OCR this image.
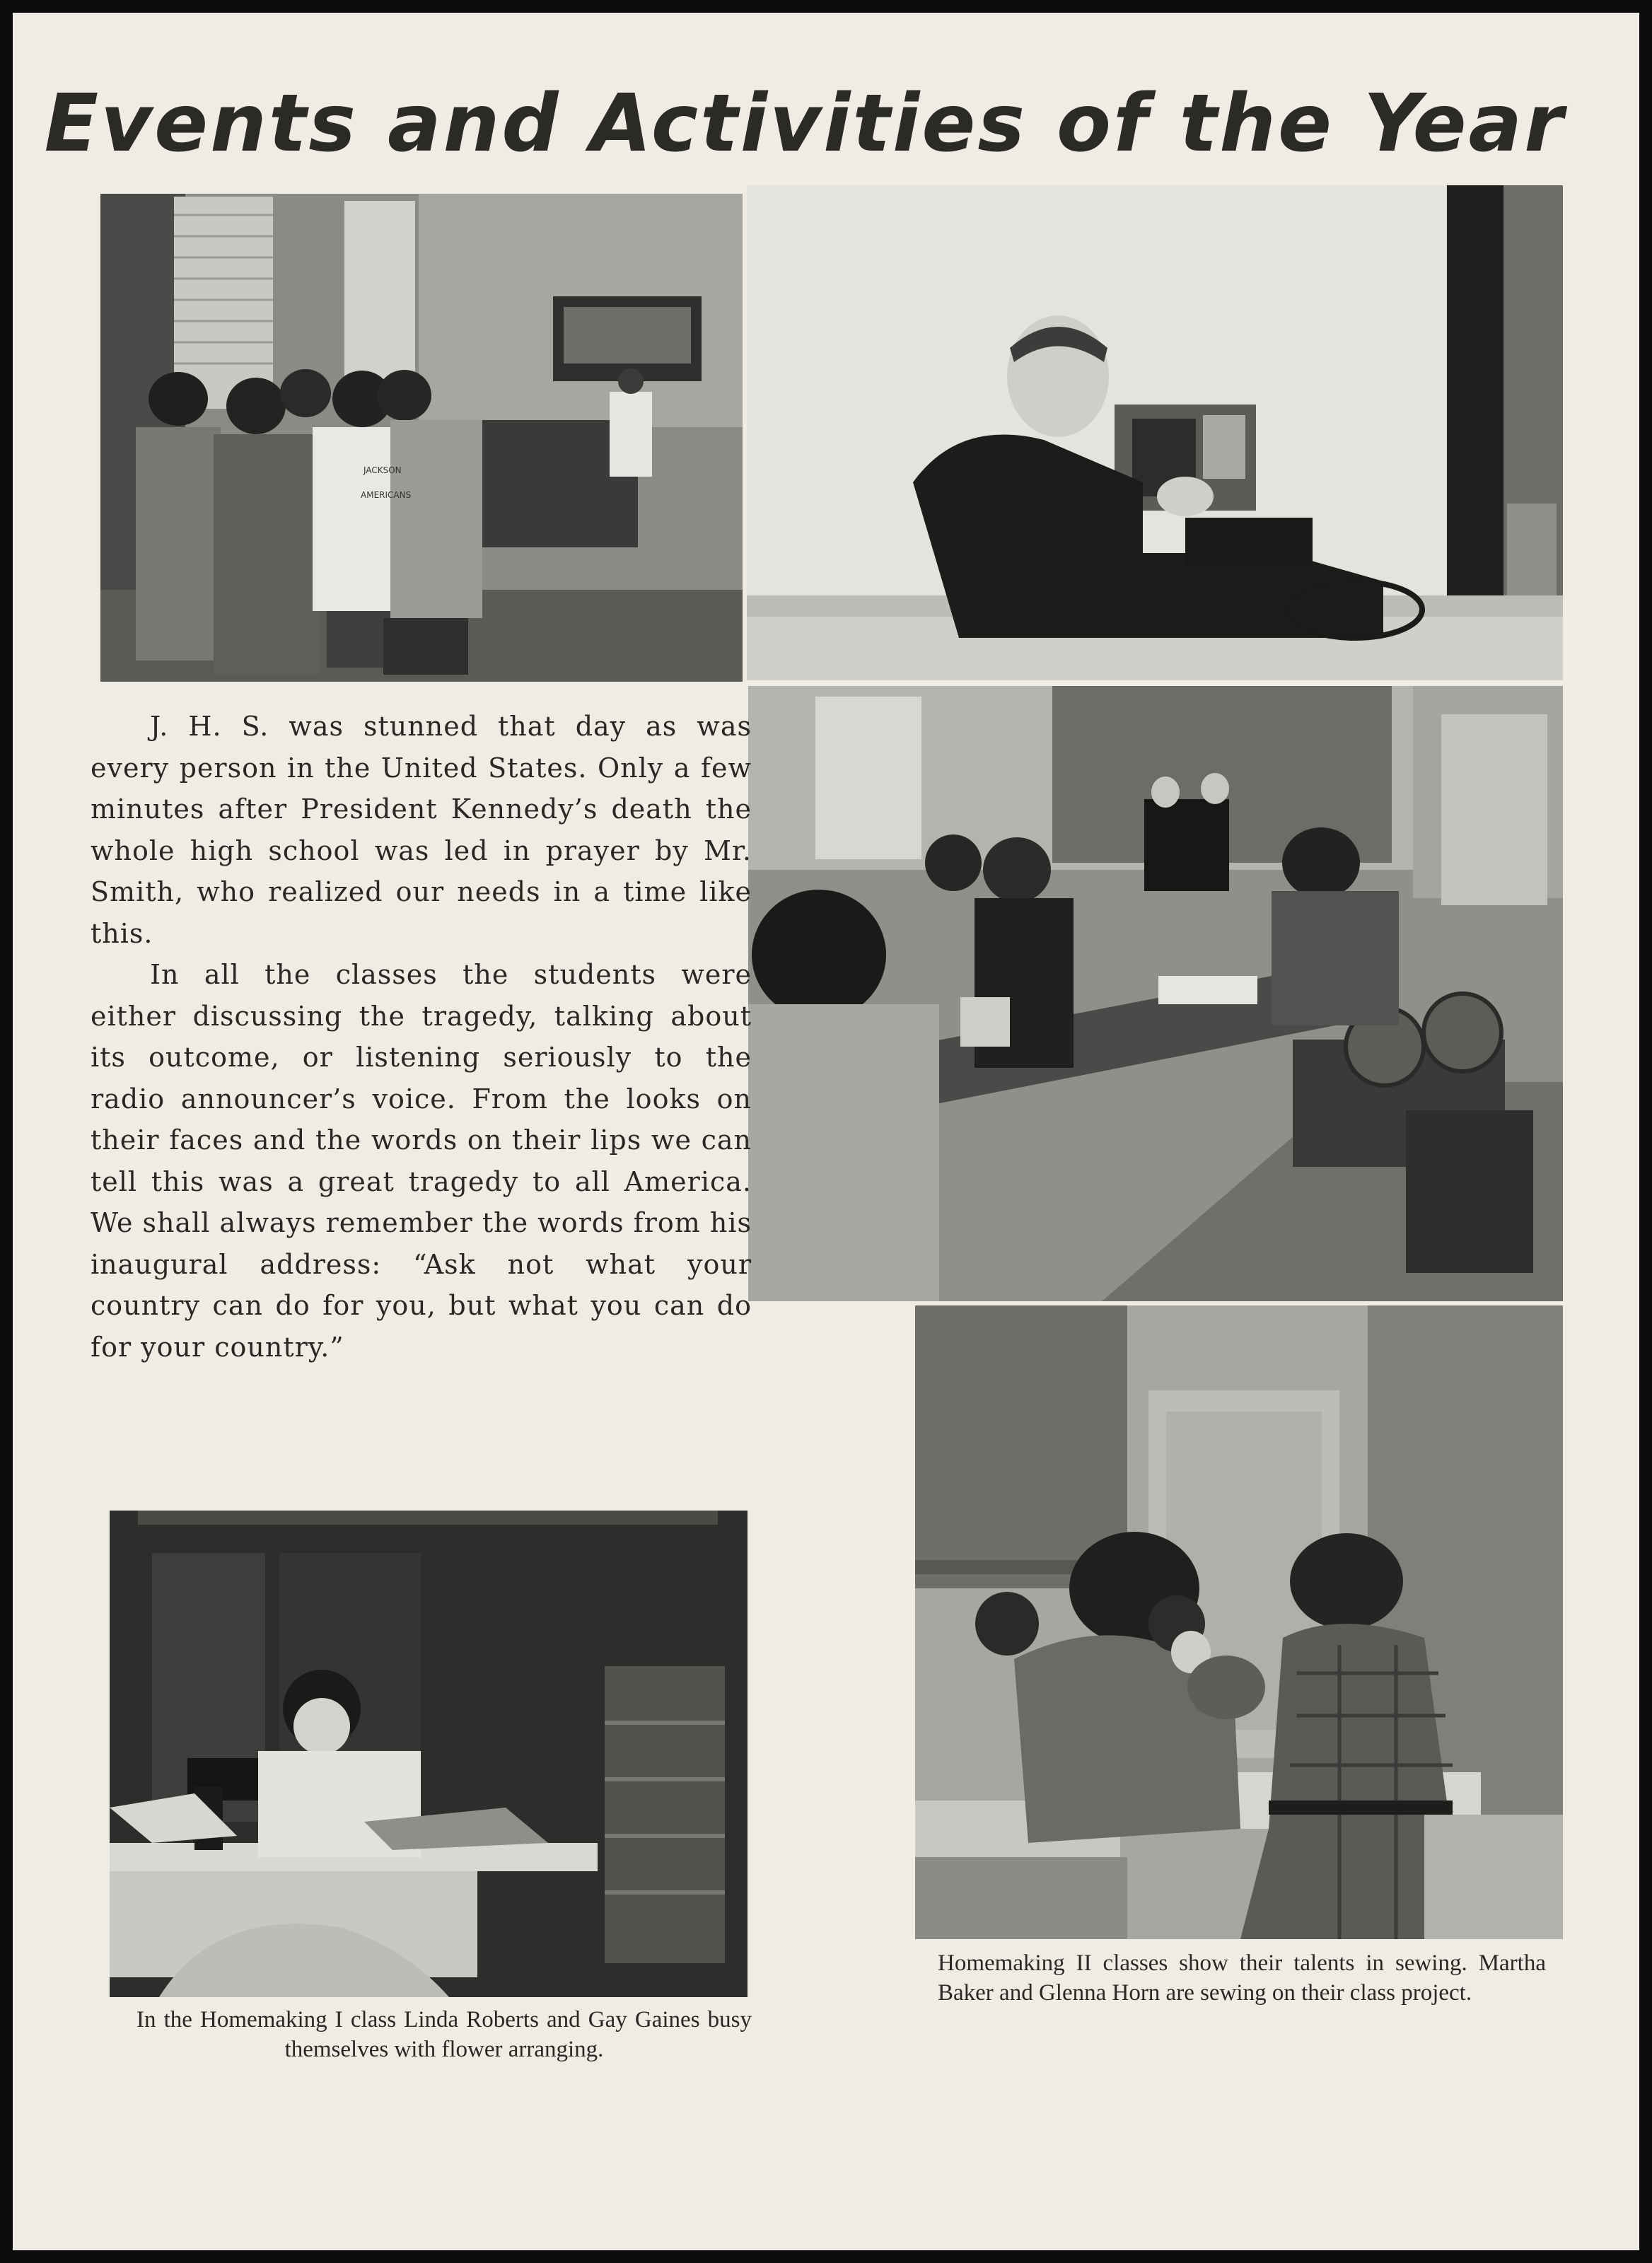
Events and Activities of the Year
JACKSON
AMERICANS

J. H. S. was stunned that day as was every person in the United States. Only a few minutes after President Kennedy’s death the whole high school was led in prayer by Mr. Smith, who realized our needs in a time like this.

In all the classes the students were either discussing the tragedy, talking about its outcome, or listening seriously to the radio announcer’s voice. From the looks on their faces and the words on their lips we can tell this was a great tragedy to all America. We shall always remember the words from his inaugural address: “Ask not what your country can do for you, but what you can do for your country.”

In the Homemaking I class Linda Roberts and Gay Gaines busy themselves with flower arranging.

Homemaking II classes show their talents in sewing. Martha Baker and Glenna Horn are sewing on their class project.
